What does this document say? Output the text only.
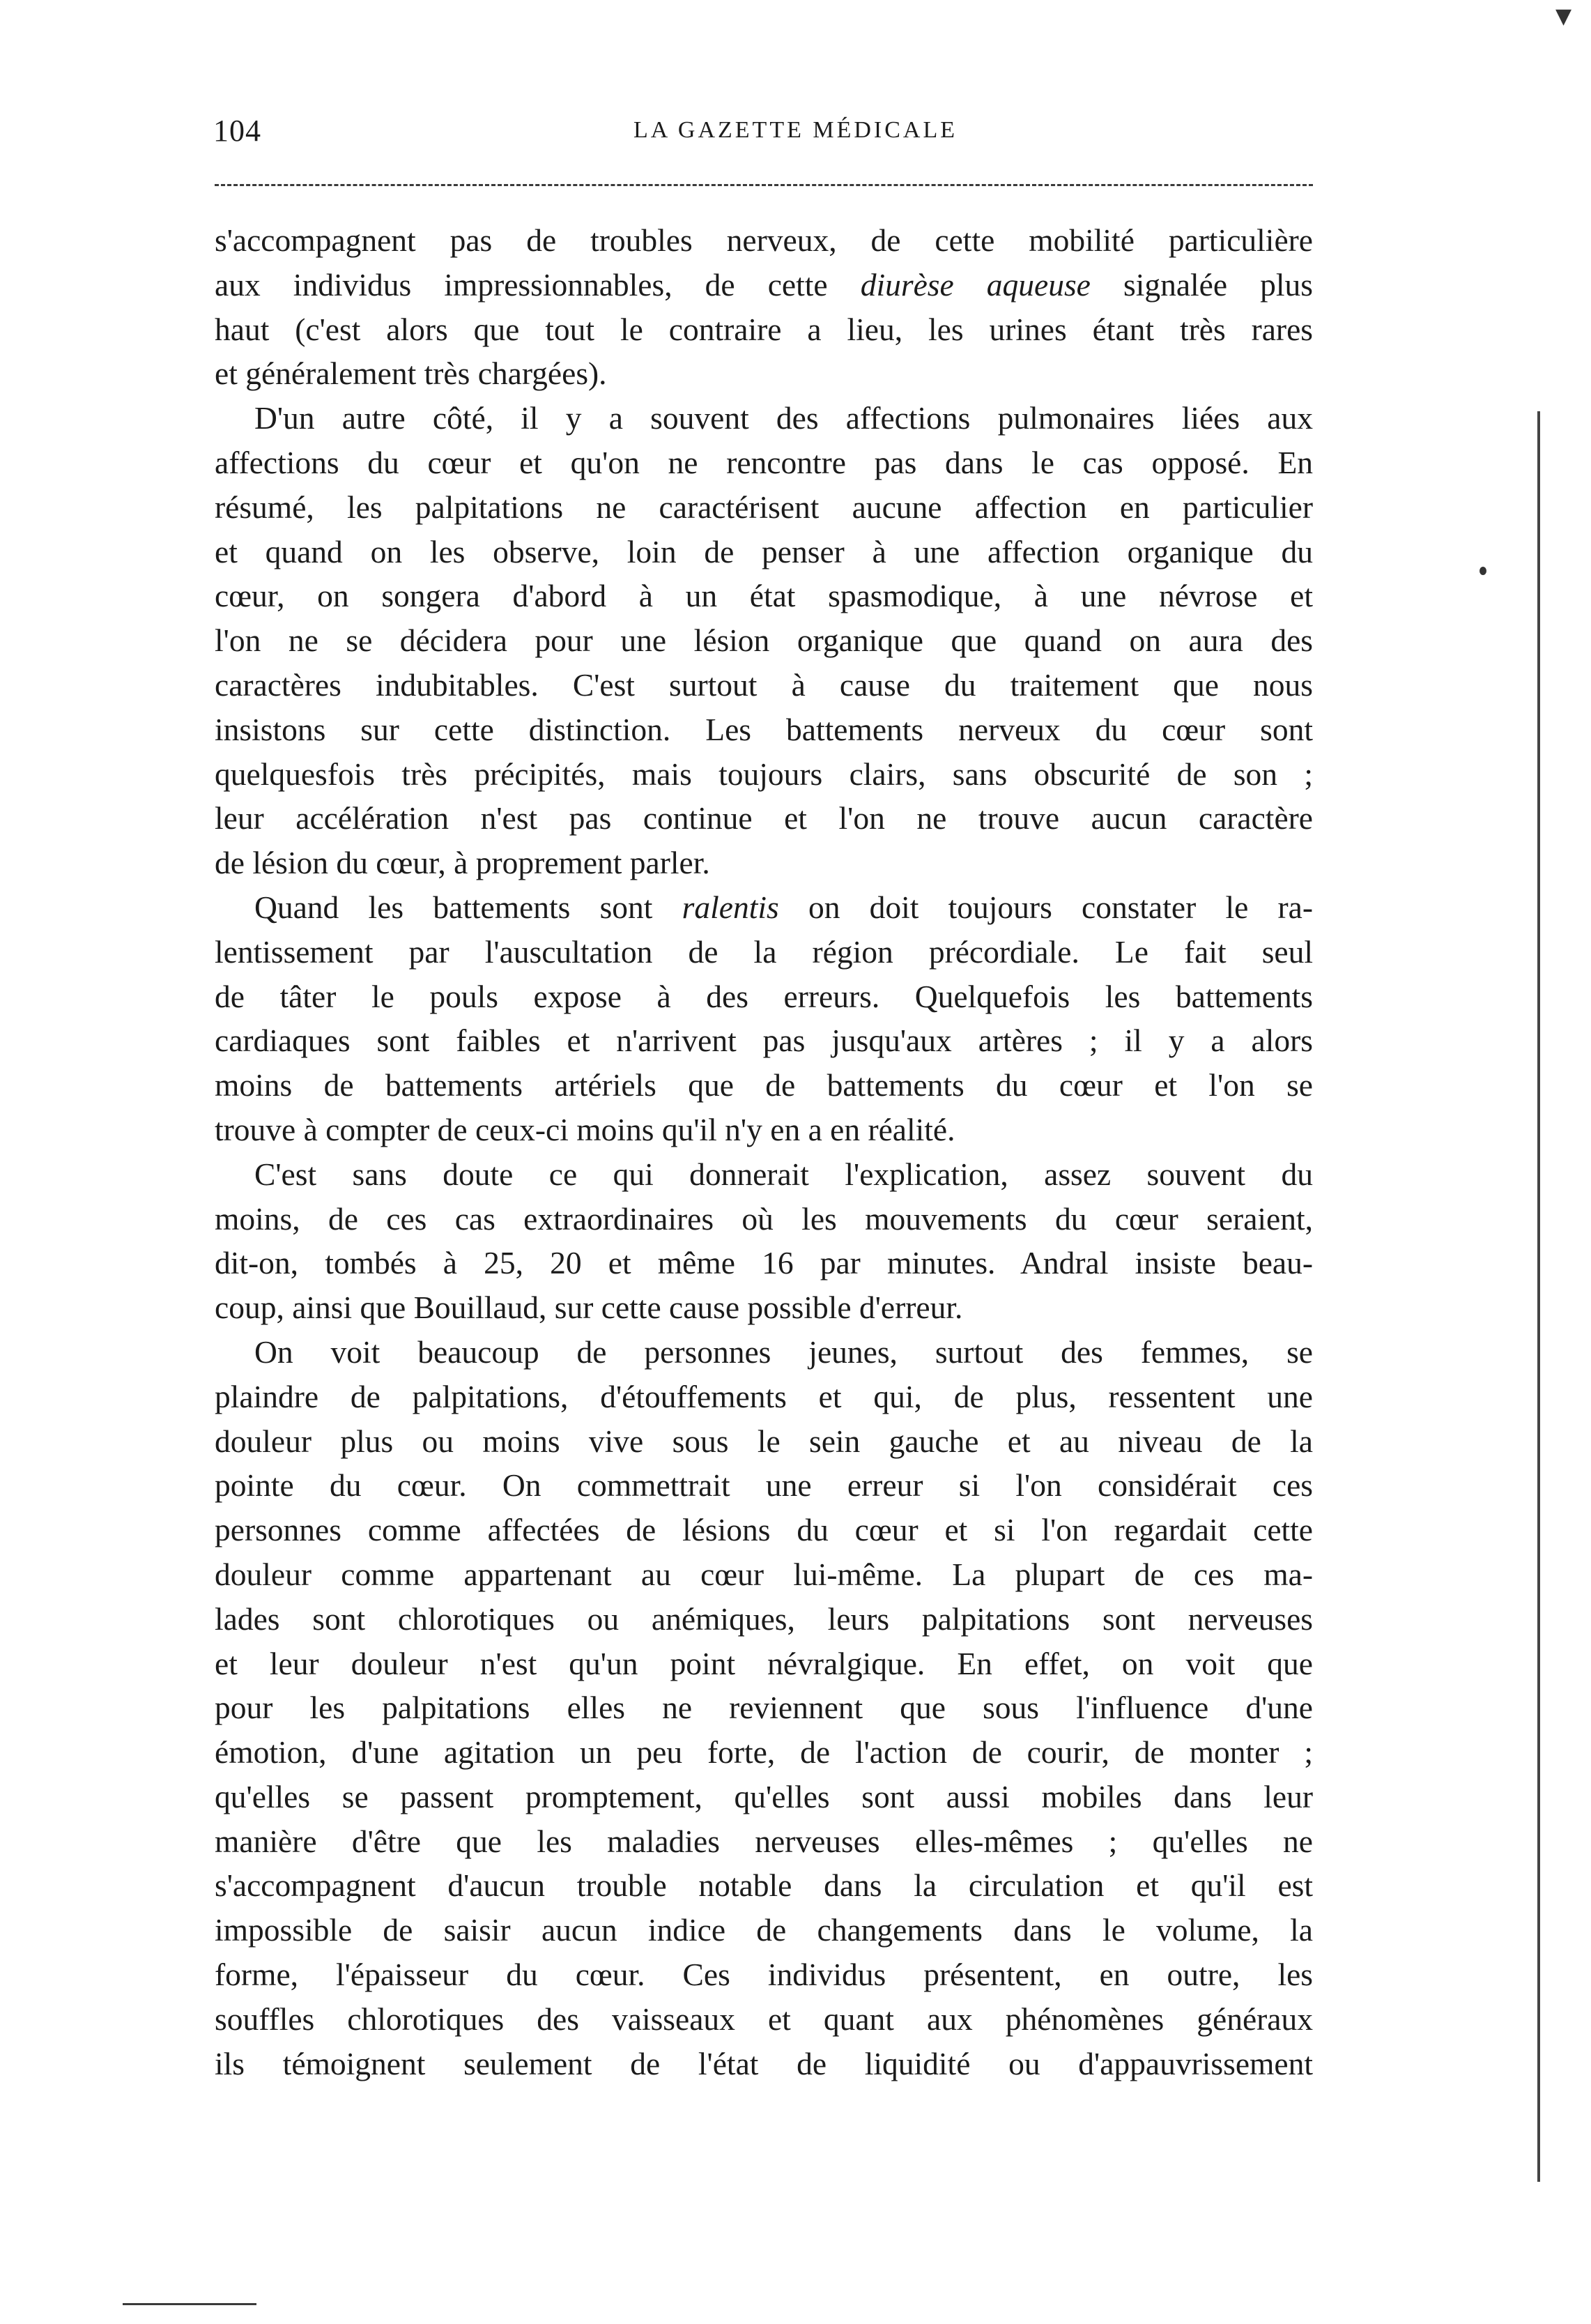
104	LA GAZETTE MÉDICALE

s'accompagnent pas de troubles nerveux, de cette mobilité particulière

aux individus impressionnables, de cette diurèse aqueuse signalée plus

haut (c'est alors que tout le contraire a lieu, les urines étant très rares

et généralement très chargées).

D'un autre côté, il y a souvent des affections pulmonaires liées aux

affections du cœur et qu'on ne rencontre pas dans le cas opposé. En

résumé, les palpitations ne caractérisent aucune affection en particulier

et quand on les observe, loin de penser à une affection organique du

cœur, on songera d'abord à un état spasmodique, à une névrose et

l'on ne se décidera pour une lésion organique que quand on aura des

caractères indubitables. C'est surtout à cause du traitement que nous

insistons sur cette distinction. Les battements nerveux du cœur sont

quelquesfois très précipités, mais toujours clairs, sans obscurité de son ;

leur accélération n'est pas continue et l'on ne trouve aucun caractère

de lésion du cœur, à proprement parler.

Quand les battements sont ralentis on doit toujours constater le ra-

lentissement par l'auscultation de la région précordiale. Le fait seul

de tâter le pouls expose à des erreurs. Quelquefois les battements

cardiaques sont faibles et n'arrivent pas jusqu'aux artères ; il y a alors

moins de battements artériels que de battements du cœur et l'on se

trouve à compter de ceux-ci moins qu'il n'y en a en réalité.

C'est sans doute ce qui donnerait l'explication, assez souvent du

moins, de ces cas extraordinaires où les mouvements du cœur seraient,

dit-on, tombés à 25, 20 et même 16 par minutes. Andral insiste beau-

coup, ainsi que Bouillaud, sur cette cause possible d'erreur.

On voit beaucoup de personnes jeunes, surtout des femmes, se

plaindre de palpitations, d'étouffements et qui, de plus, ressentent une

douleur plus ou moins vive sous le sein gauche et au niveau de la

pointe du cœur. On commettrait une erreur si l'on considérait ces

personnes comme affectées de lésions du cœur et si l'on regardait cette

douleur comme appartenant au cœur lui-même. La plupart de ces ma-

lades sont chlorotiques ou anémiques, leurs palpitations sont nerveuses

et leur douleur n'est qu'un point névralgique. En effet, on voit que

pour les palpitations elles ne reviennent que sous l'influence d'une

émotion, d'une agitation un peu forte, de l'action de courir, de monter ;

qu'elles se passent promptement, qu'elles sont aussi mobiles dans leur

manière d'être que les maladies nerveuses elles-mêmes ; qu'elles ne

s'accompagnent d'aucun trouble notable dans la circulation et qu'il est

impossible de saisir aucun indice de changements dans le volume, la

forme, l'épaisseur du cœur. Ces individus présentent, en outre, les

souffles chlorotiques des vaisseaux et quant aux phénomènes généraux

ils témoignent seulement de l'état de liquidité ou d'appauvrissement

▼
